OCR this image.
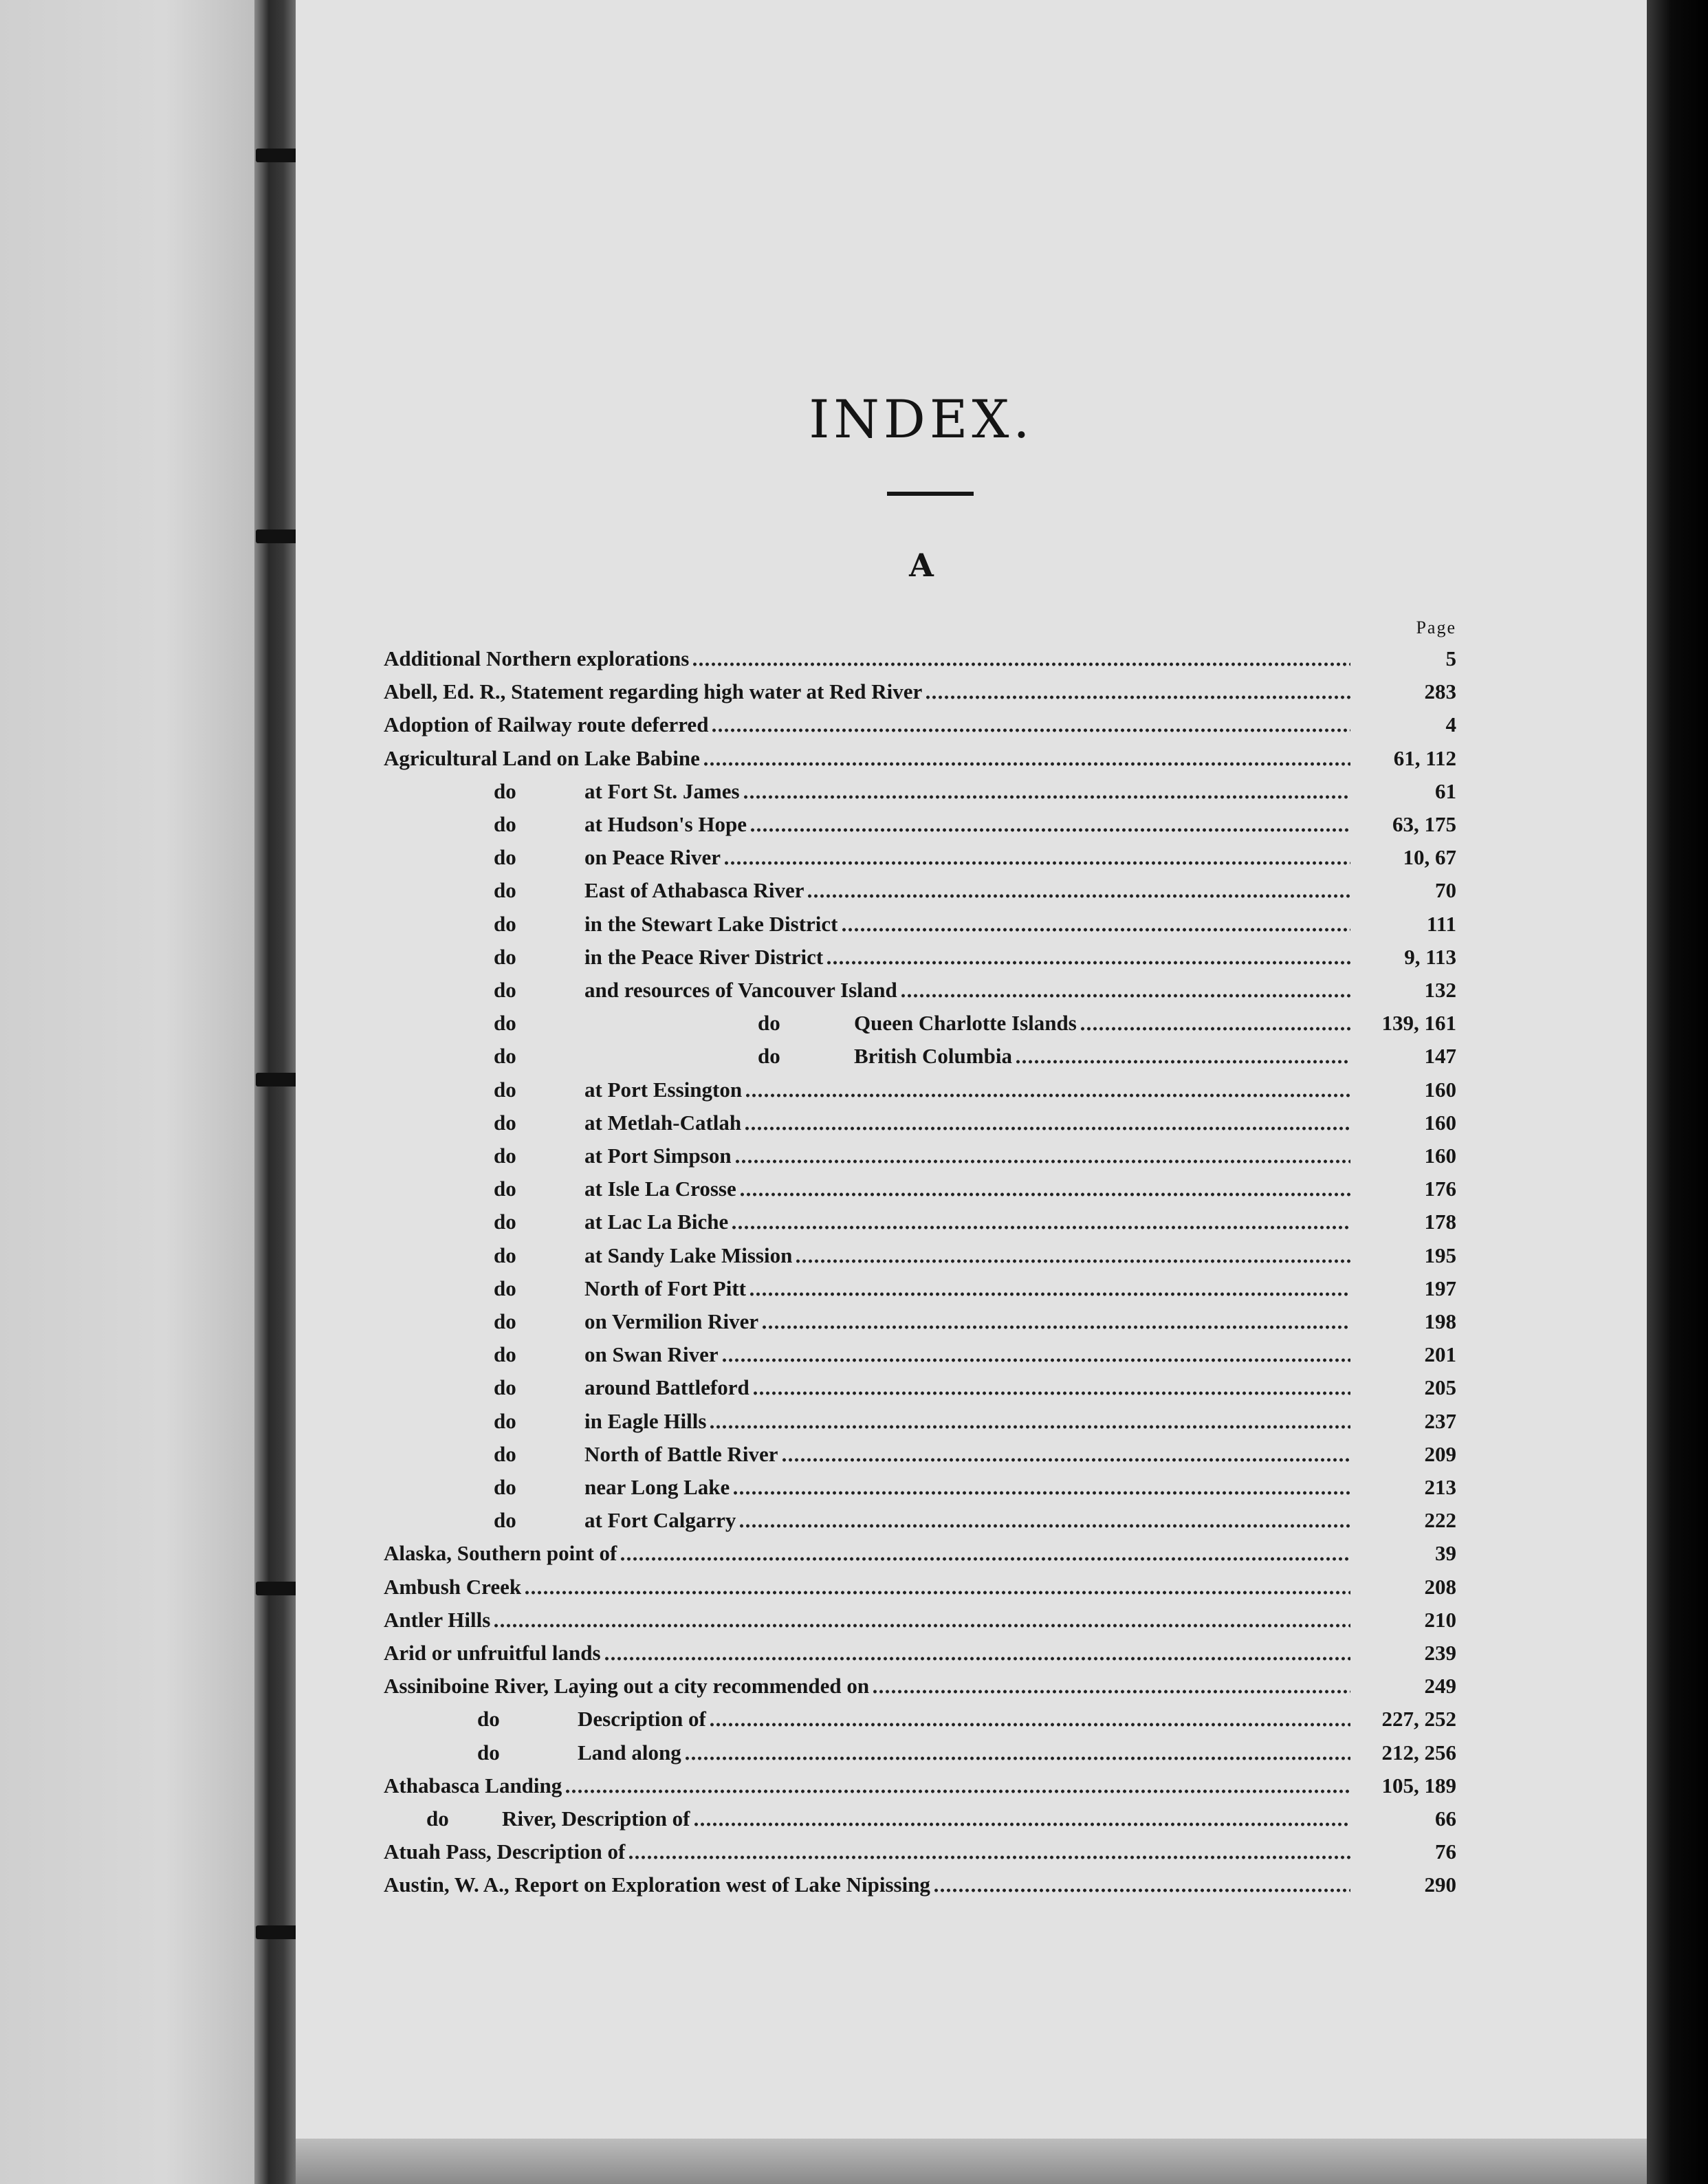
INDEX.
A
Page
Additional Northern explorations	5
Abell, Ed. R., Statement regarding high water at Red River	283
Adoption of Railway route deferred	4
Agricultural Land on Lake Babine	61, 112
do	at Fort St. James	61
do	at Hudson's Hope	63, 175
do	on Peace River	10, 67
do	East of Athabasca River	70
do	in the Stewart Lake District	111
do	in the Peace River District	9, 113
do	and resources of Vancouver Island	132
do	do	Queen Charlotte Islands	139, 161
do	do	British Columbia	147
do	at Port Essington	160
do	at Metlah-Catlah	160
do	at Port Simpson	160
do	at Isle La Crosse	176
do	at Lac La Biche	178
do	at Sandy Lake Mission	195
do	North of Fort Pitt	197
do	on Vermilion River	198
do	on Swan River	201
do	around Battleford	205
do	in Eagle Hills	237
do	North of Battle River	209
do	near Long Lake	213
do	at Fort Calgarry	222
Alaska, Southern point of	39
Ambush Creek	208
Antler Hills	210
Arid or unfruitful lands	239
Assiniboine River, Laying out a city recommended on	249
do	Description of	227, 252
do	Land along	212, 256
Athabasca Landing	105, 189
do	River, Description of	66
Atuah Pass, Description of	76
Austin, W. A., Report on Exploration west of Lake Nipissing	290
